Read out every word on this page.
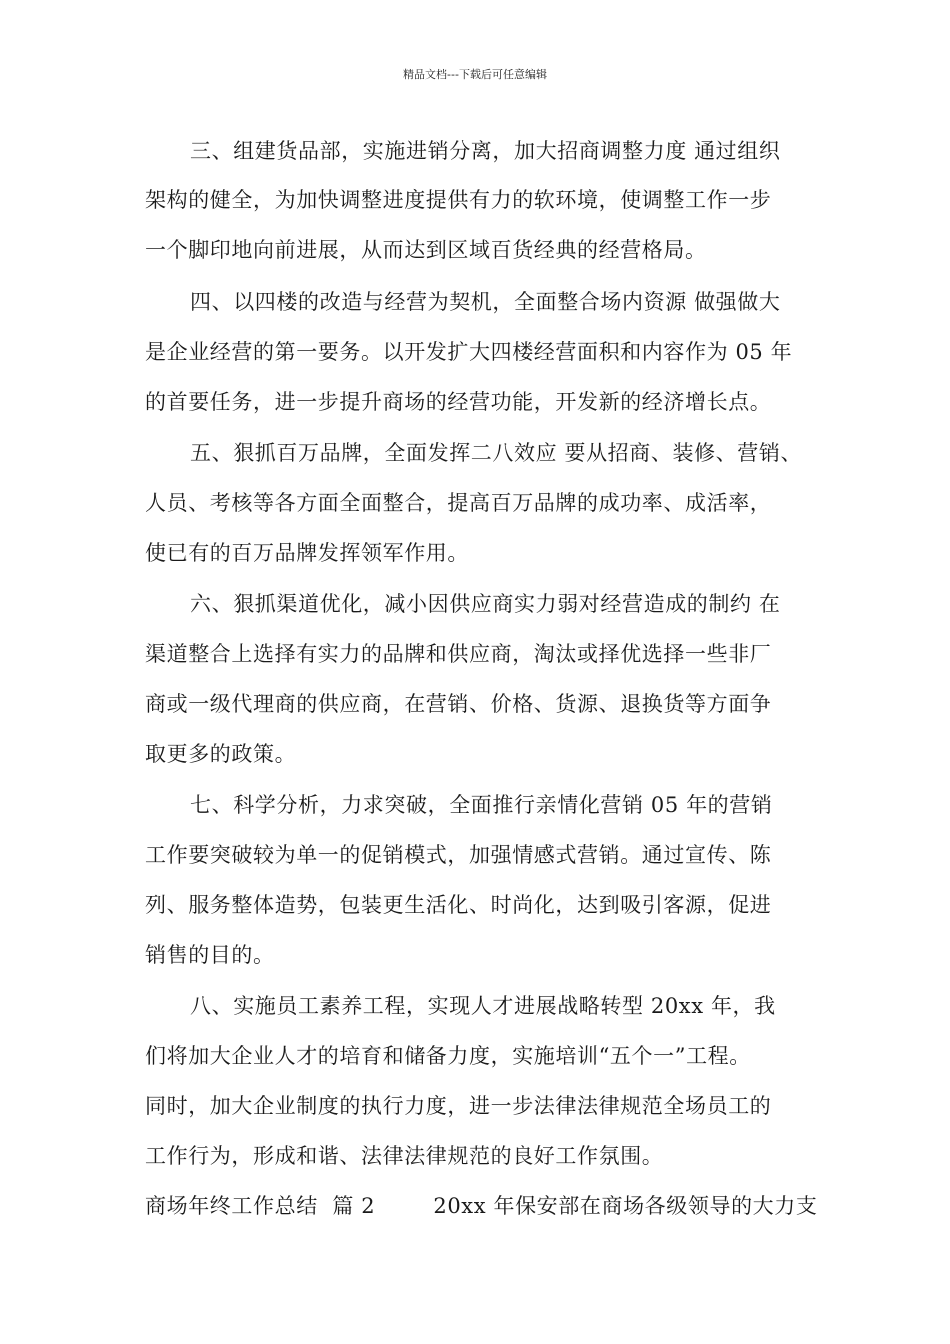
精品文档---下载后可任意编辑
三、组建货品部，实施进销分离，加大招商调整力度 通过组织
架构的健全，为加快调整进度提供有力的软环境，使调整工作一步
一个脚印地向前进展，从而达到区域百货经典的经营格局。
四、以四楼的改造与经营为契机，全面整合场内资源 做强做大
是企业经营的第一要务。以开发扩大四楼经营面积和内容作为 05 年
的首要任务，进一步提升商场的经营功能，开发新的经济增长点。
五、狠抓百万品牌，全面发挥二八效应 要从招商、装修、营销、
人员、考核等各方面全面整合，提高百万品牌的成功率、成活率，
使已有的百万品牌发挥领军作用。
六、狠抓渠道优化，减小因供应商实力弱对经营造成的制约 在
渠道整合上选择有实力的品牌和供应商，淘汰或择优选择一些非厂
商或一级代理商的供应商，在营销、价格、货源、退换货等方面争
取更多的政策。
七、科学分析，力求突破，全面推行亲情化营销 05 年的营销
工作要突破较为单一的促销模式，加强情感式营销。通过宣传、陈
列、服务整体造势，包装更生活化、时尚化，达到吸引客源，促进
销售的目的。
八、实施员工素养工程，实现人才进展战略转型 20xx 年，我
们将加大企业人才的培育和储备力度，实施培训“五个一”工程。
同时，加大企业制度的执行力度，进一步法律法律规范全场员工的
工作行为，形成和谐、法律法律规范的良好工作氛围。
商场年终工作总结  篇 2        20xx 年保安部在商场各级领导的大力支
